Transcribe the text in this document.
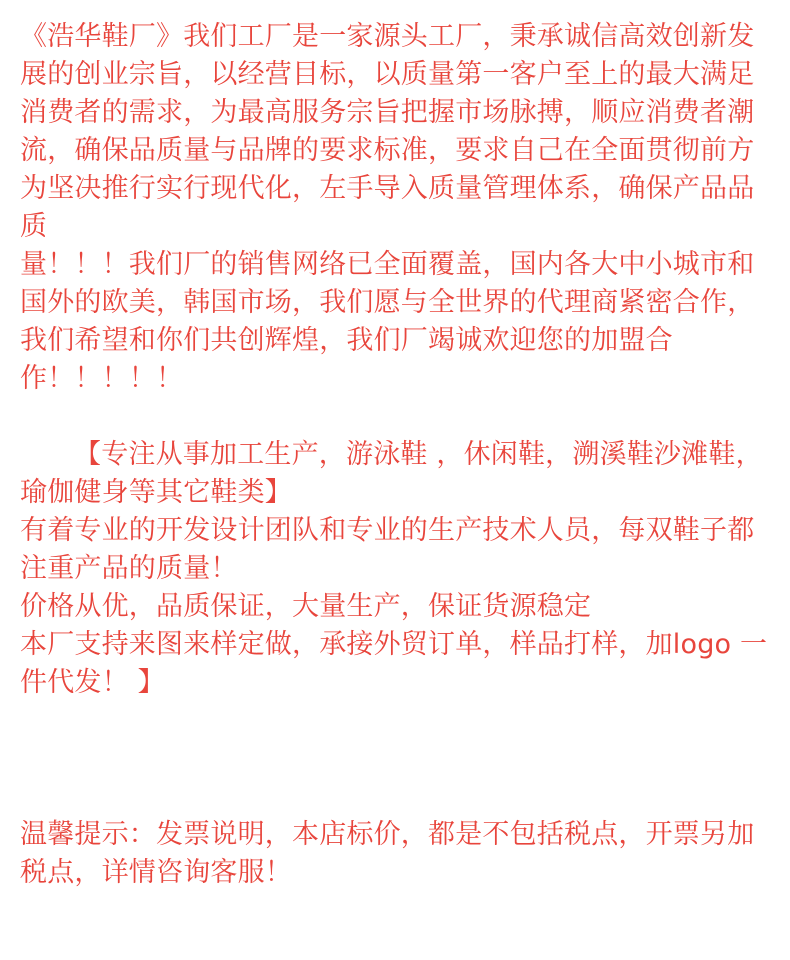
《浩华鞋厂》我们工厂是一家源头工厂，秉承诚信高效创新发展的创业宗旨，以经营目标，以质量第一客户至上的最大满足消费者的需求，为最高服务宗旨把握市场脉搏，顺应消费者潮流，确保品质量与品牌的要求标准，要求自己在全面贯彻前方为坚决推行实行现代化，左手导入质量管理体系，确保产品品质
量！！！我们厂的销售网络已全面覆盖，国内各大中小城市和国外的欧美，韩国市场，我们愿与全世界的代理商紧密合作，我们希望和你们共创辉煌，我们厂竭诚欢迎您的加盟合作！！！！！

【专注从事加工生产，游泳鞋 ，休闲鞋，溯溪鞋沙滩鞋，瑜伽健身等其它鞋类】

有着专业的开发设计团队和专业的生产技术人员，每双鞋子都注重产品的质量！

价格从优，品质保证，大量生产，保证货源稳定

本厂支持来图来样定做，承接外贸订单，样品打样，加logo 一件代发！ 】

温馨提示：发票说明，本店标价，都是不包括税点，开票另加税点，详情咨询客服！
